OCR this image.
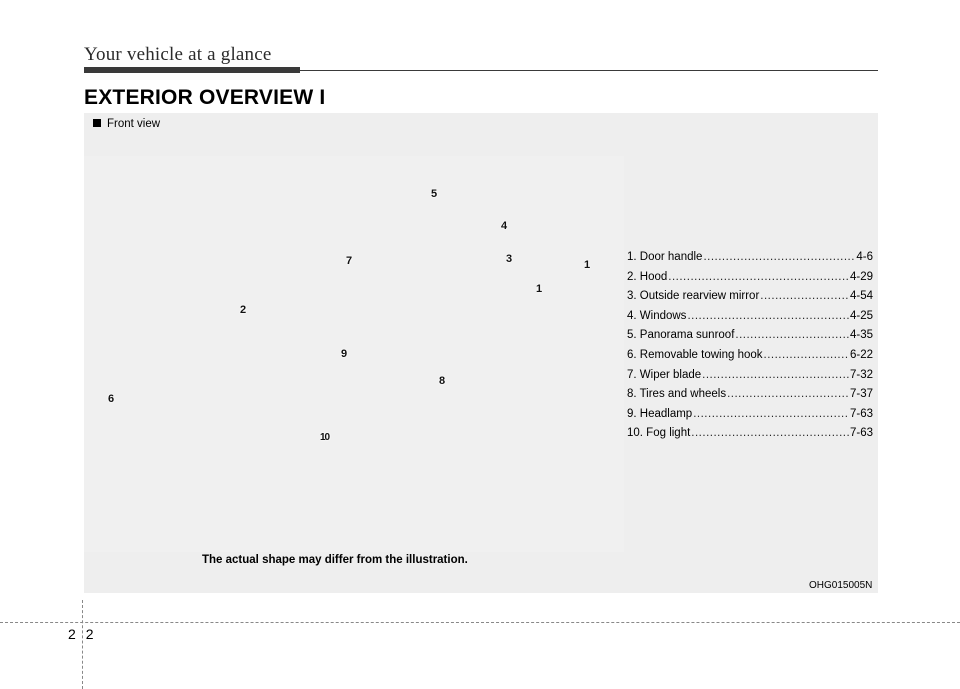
Your vehicle at a glance
EXTERIOR OVERVIEW I
Front view
5
4
7	3	1
1
2
9
8
6
10
1. Door handle .....	4-6
2. Hood .....	4-29
3. Outside rearview mirror .....	4-54
4. Windows .....	4-25
5. Panorama sunroof .....	4-35
6. Removable towing hook .....	6-22
7. Wiper blade .....	7-32
8. Tires and wheels .....	7-37
9. Headlamp .....	7-63
10. Fog light .....	7-63
The actual shape may differ from the illustration.
OHG015005N
22
